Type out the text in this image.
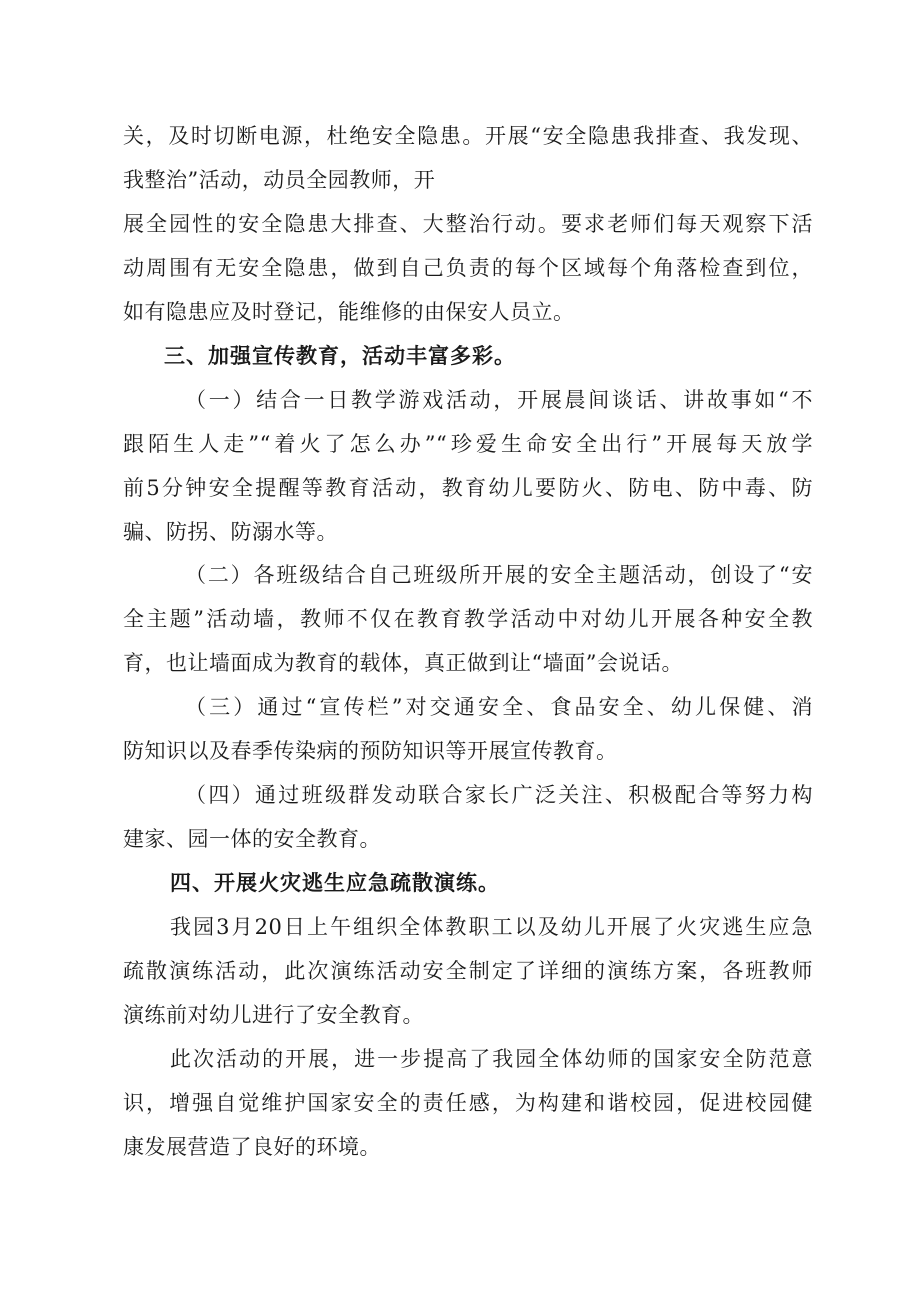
关，及时切断电源，杜绝安全隐患。开展“安全隐患我排查、我发现、
我整治”活动，动员全园教师，开
展全园性的安全隐患大排查、大整治行动。要求老师们每天观察下活
动周围有无安全隐患，做到自己负责的每个区域每个角落检查到位，
如有隐患应及时登记，能维修的由保安人员立。
三、加强宣传教育，活动丰富多彩。
（一）结合一日教学游戏活动，开展晨间谈话、讲故事如“不
跟陌生人走”“着火了怎么办”“珍爱生命安全出行”开展每天放学
前5分钟安全提醒等教育活动，教育幼儿要防火、防电、防中毒、防
骗、防拐、防溺水等。
（二）各班级结合自己班级所开展的安全主题活动，创设了“安
全主题”活动墙，教师不仅在教育教学活动中对幼儿开展各种安全教
育，也让墙面成为教育的载体，真正做到让“墙面”会说话。
（三）通过“宣传栏”对交通安全、食品安全、幼儿保健、消
防知识以及春季传染病的预防知识等开展宣传教育。
（四）通过班级群发动联合家长广泛关注、积极配合等努力构
建家、园一体的安全教育。
四、开展火灾逃生应急疏散演练。
我园3月20日上午组织全体教职工以及幼儿开展了火灾逃生应急
疏散演练活动，此次演练活动安全制定了详细的演练方案，各班教师
演练前对幼儿进行了安全教育。
此次活动的开展，进一步提高了我园全体幼师的国家安全防范意
识，增强自觉维护国家安全的责任感，为构建和谐校园，促进校园健
康发展营造了良好的环境。
